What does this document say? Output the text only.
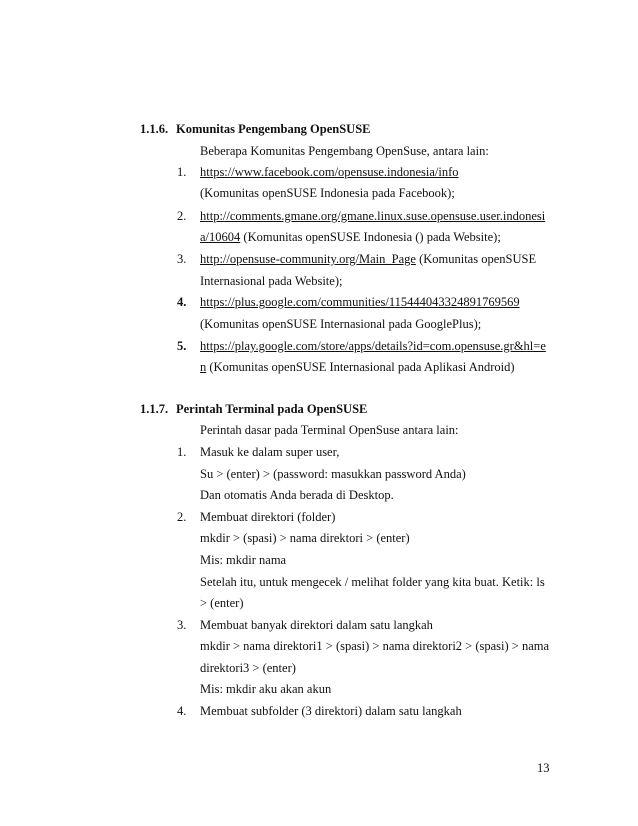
1.1.6. Komunitas Pengembang OpenSUSE
Beberapa Komunitas Pengembang OpenSuse, antara lain:
1. https://www.facebook.com/opensuse.indonesia/info
(Komunitas openSUSE Indonesia pada Facebook);
2. http://comments.gmane.org/gmane.linux.suse.opensuse.user.indonesi
a/10604 (Komunitas openSUSE Indonesia () pada Website);
3. http://opensuse-community.org/Main_Page (Komunitas openSUSE
Internasional pada Website);
4. https://plus.google.com/communities/115444043324891769569
(Komunitas openSUSE Internasional pada GooglePlus);
5. https://play.google.com/store/apps/details?id=com.opensuse.gr&hl=e
n (Komunitas openSUSE Internasional pada Aplikasi Android)
1.1.7. Perintah Terminal pada OpenSUSE
Perintah dasar pada Terminal OpenSuse antara lain:
1. Masuk ke dalam super user,
Su > (enter) > (password: masukkan password Anda)
Dan otomatis Anda berada di Desktop.
2. Membuat direktori (folder)
mkdir > (spasi) > nama direktori > (enter)
Mis: mkdir nama
Setelah itu, untuk mengecek / melihat folder yang kita buat. Ketik: ls
> (enter)
3. Membuat banyak direktori dalam satu langkah
mkdir > nama direktori1 > (spasi) > nama direktori2 > (spasi) > nama
direktori3 > (enter)
Mis: mkdir aku akan akun
4. Membuat subfolder (3 direktori) dalam satu langkah
13
